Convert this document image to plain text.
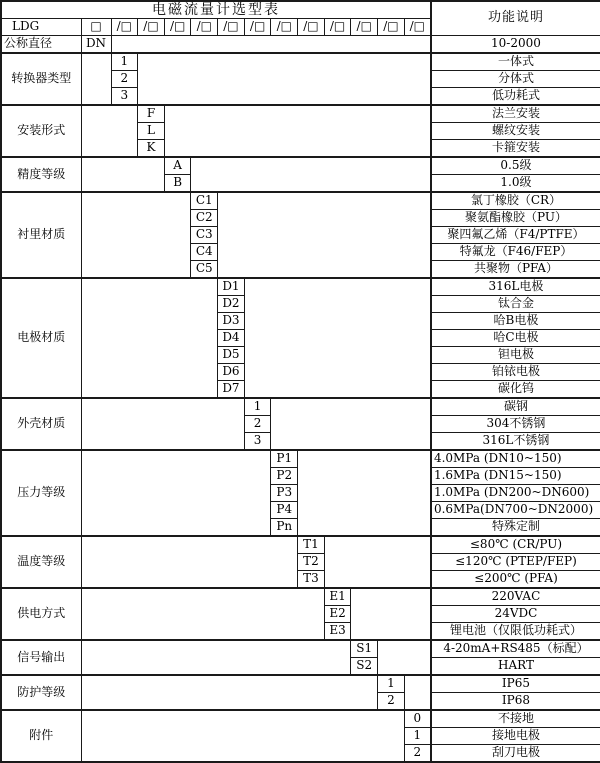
电磁流量计选型表														功能说明
LDG	□	/□	/□	/□	/□	/□	/□	/□	/□	/□	/□	/□	/□	
公称直径	DN													10-2000
转换器类型		1												一体式
		2												分体式
		3												低功耗式
安装形式			F											法兰安装
			L											螺纹安装
			K											卡箍安装
精度等级				A										0.5级
				B										1.0级
衬里材质					C1									氯丁橡胶（CR）
					C2									聚氨酯橡胶（PU）
					C3									聚四氟乙烯（F4/PTFE）
					C4									特氟龙（F46/FEP）
					C5									共聚物（PFA）
电极材质						D1								316L电极
						D2								钛合金
						D3								哈B电极
						D4								哈C电极
						D5								钽电极
						D6								铂铱电极
						D7								碳化钨
外壳材质							1							碳钢
							2							304不锈钢
							3							316L不锈钢
压力等级								P1						4.0MPa (DN10~150)
								P2						1.6MPa (DN15~150)
								P3						1.0MPa (DN200~DN600)
								P4						0.6MPa(DN700~DN2000)
								Pn						特殊定制
温度等级									T1					≤80℃ (CR/PU)
									T2					≤120℃ (PTEP/FEP)
									T3					≤200℃ (PFA)
供电方式										E1				220VAC
										E2				24VDC
										E3				锂电池（仅限低功耗式）
信号输出											S1			4-20mA+RS485（标配）
											S2			HART
防护等级												1		IP65
												2		IP68
附件													0	不接地
													1	接地电极
													2	刮刀电极
